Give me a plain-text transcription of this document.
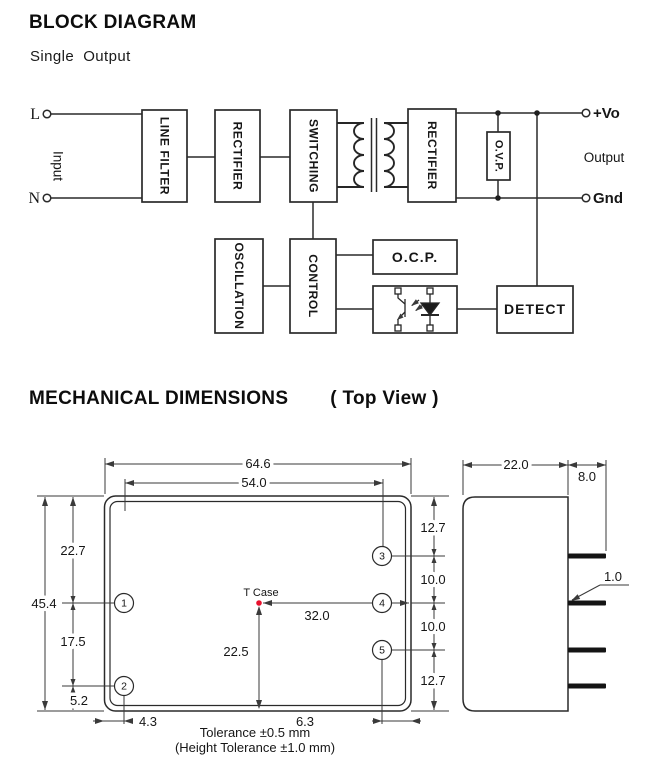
BLOCK DIAGRAM
Single  Output
L
N
Input	LINE FILTER	RECTIFIER	SWITCHING	RECTIFIER	O.V.P.
+Vo
Gnd
Output
OSCILLATION	CONTROL	O.C.P.
DETECT
MECHANICAL DIMENSIONS ( Top View )
64.6
54.0
45.4
22.7
17.5
5.2
12.7
10.0
10.0
12.7
32.0
22.5
4.3	6.3
T Case
1
2
3
4
5
22.0
8.0
1.0
Tolerance ±0.5 mm
(Height Tolerance ±1.0 mm)
